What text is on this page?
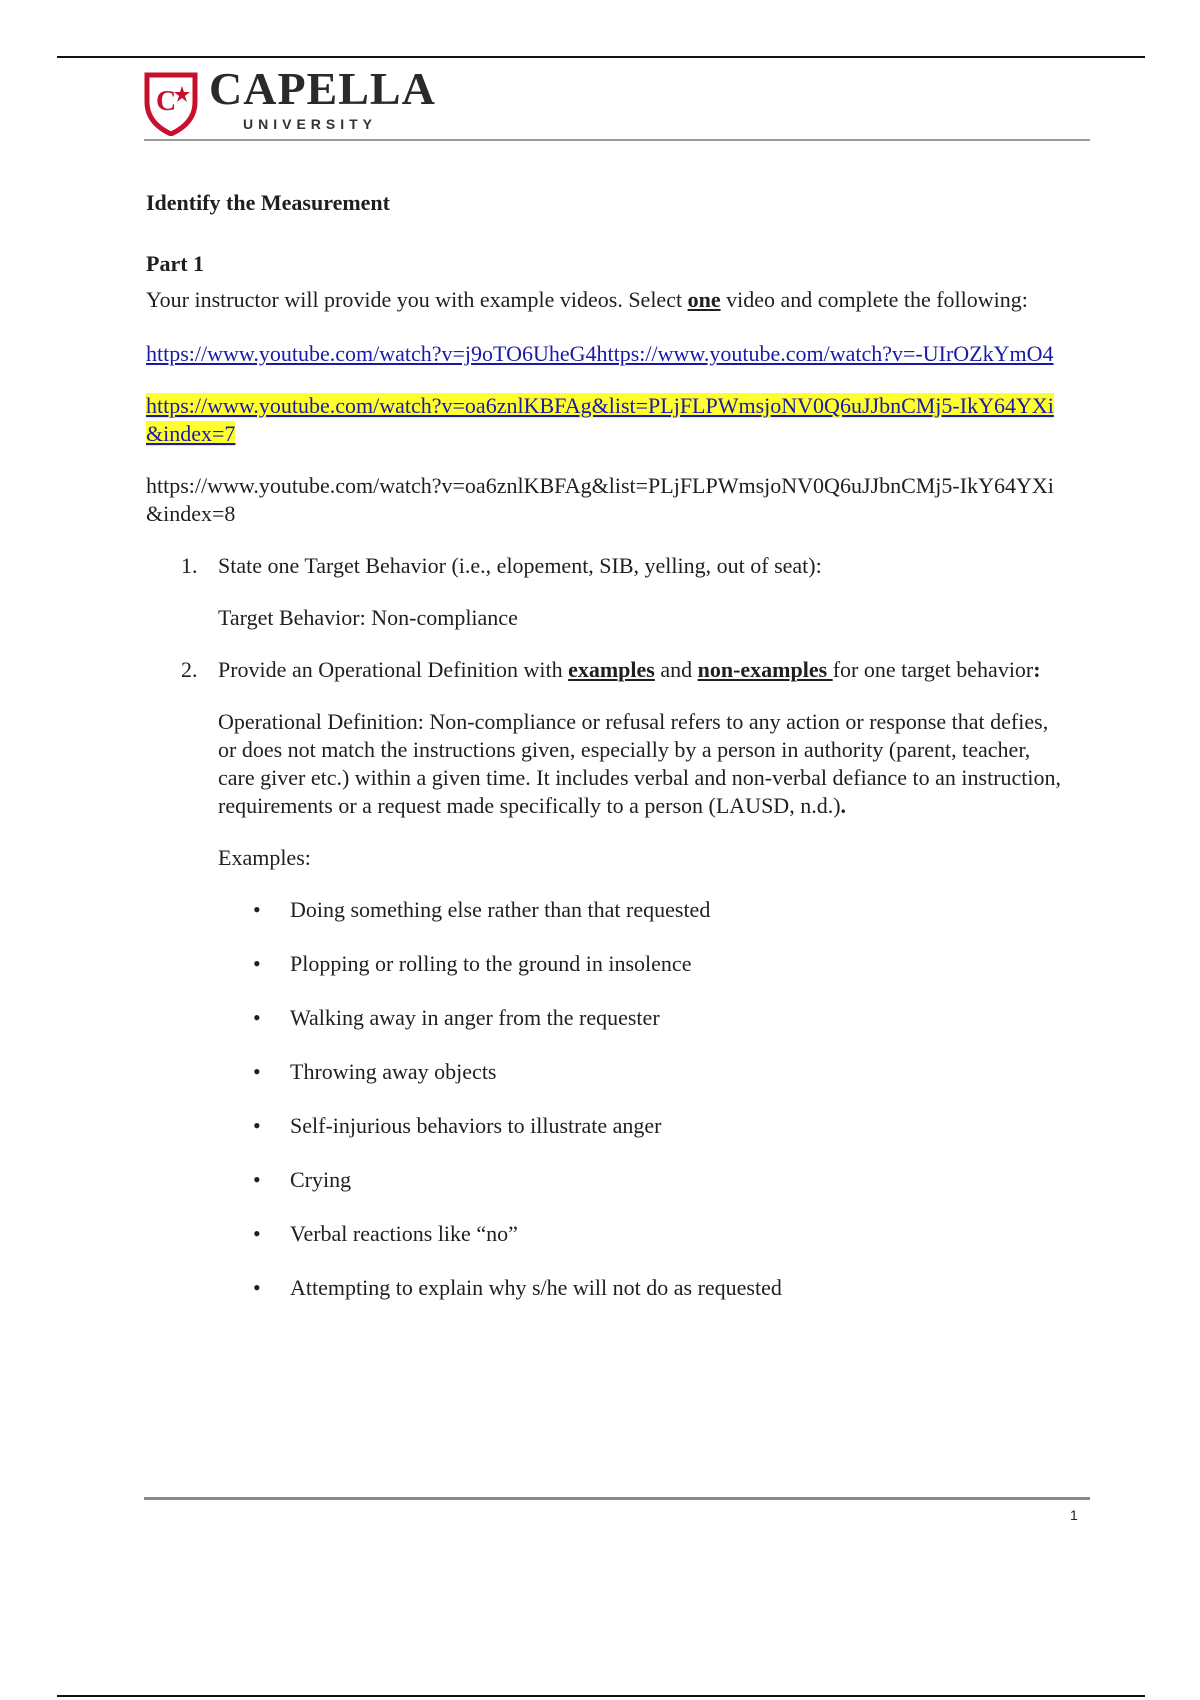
C CAPELLA
UNIVERSITY

Identify the Measurement

Part 1

Your instructor will provide you with example videos. Select one video and complete the following:

https://www.youtube.com/watch?v=j9oTO6UheG4https://www.youtube.com/watch?v=-UIrOZkYmO4

https://www.youtube.com/watch?v=oa6znlKBFAg&list=PLjFLPWmsjoNV0Q6uJJbnCMj5-IkY64YXi&index=7

https://www.youtube.com/watch?v=oa6znlKBFAg&list=PLjFLPWmsjoNV0Q6uJJbnCMj5-IkY64YXi&index=8

1. State one Target Behavior (i.e., elopement, SIB, yelling, out of seat):

Target Behavior: Non-compliance

2. Provide an Operational Definition with examples and non-examples for one target behavior:

Operational Definition: Non-compliance or refusal refers to any action or response that defies, or does not match the instructions given, especially by a person in authority (parent, teacher, care giver etc.) within a given time. It includes verbal and non-verbal defiance to an instruction, requirements or a request made specifically to a person (LAUSD, n.d.).

Examples:

• Doing something else rather than that requested
• Plopping or rolling to the ground in insolence
• Walking away in anger from the requester
• Throwing away objects
• Self-injurious behaviors to illustrate anger
• Crying
• Verbal reactions like “no”
• Attempting to explain why s/he will not do as requested
1
